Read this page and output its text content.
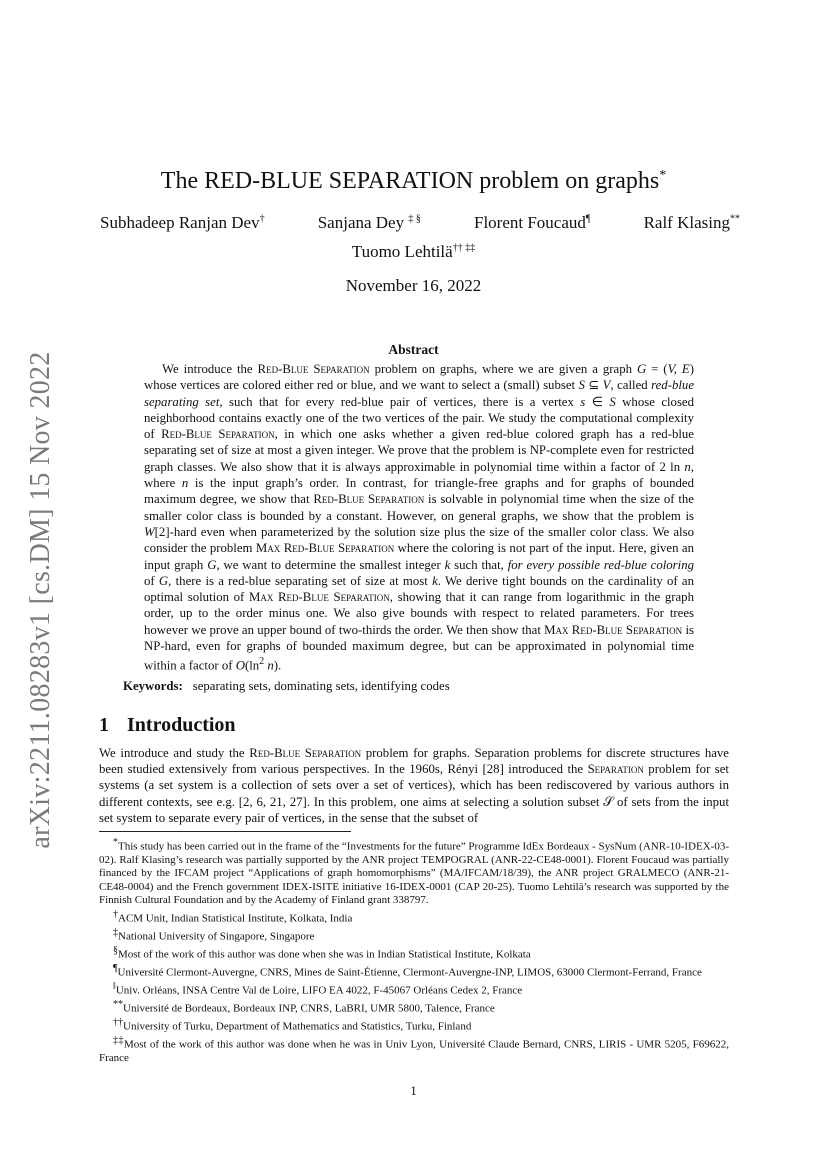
arXiv:2211.08283v1 [cs.DM] 15 Nov 2022
The RED-BLUE SEPARATION problem on graphs*
Subhadeep Ranjan Dev†	Sanjana Dey ‡ §	Florent Foucaud¶	Ralf Klasing**
Tuomo Lehtilä†† ‡‡
November 16, 2022
Abstract

We introduce the Red-Blue Separation problem on graphs, where we are given a graph G = (V, E) whose vertices are colored either red or blue, and we want to select a (small) subset S ⊆ V, called red-blue separating set, such that for every red-blue pair of vertices, there is a vertex s ∈ S whose closed neighborhood contains exactly one of the two vertices of the pair. We study the computational complexity of Red-Blue Separation, in which one asks whether a given red-blue colored graph has a red-blue separating set of size at most a given integer. We prove that the problem is NP-complete even for restricted graph classes. We also show that it is always approximable in polynomial time within a factor of 2 ln n, where n is the input graph’s order. In contrast, for triangle-free graphs and for graphs of bounded maximum degree, we show that Red-Blue Separation is solvable in polynomial time when the size of the smaller color class is bounded by a constant. However, on general graphs, we show that the problem is W[2]-hard even when parameterized by the solution size plus the size of the smaller color class. We also consider the problem Max Red-Blue Separation where the coloring is not part of the input. Here, given an input graph G, we want to determine the smallest integer k such that, for every possible red-blue coloring of G, there is a red-blue separating set of size at most k. We derive tight bounds on the cardinality of an optimal solution of Max Red-Blue Separation, showing that it can range from logarithmic in the graph order, up to the order minus one. We also give bounds with respect to related parameters. For trees however we prove an upper bound of two-thirds the order. We then show that Max Red-Blue Separation is NP-hard, even for graphs of bounded maximum degree, but can be approximated in polynomial time within a factor of $O(\ln^2$ n).

Keywords: separating sets, dominating sets, identifying codes
1 Introduction

We introduce and study the Red-Blue Separation problem for graphs. Separation problems for discrete structures have been studied extensively from various perspectives. In the 1960s, Rényi [28] introduced the Separation problem for set systems (a set system is a collection of sets over a set of vertices), which has been rediscovered by various authors in different contexts, see e.g. [2, 6, 21, 27]. In this problem, one aims at selecting a solution subset 𝒮 of sets from the input set system to separate every pair of vertices, in the sense that the subset of

*This study has been carried out in the frame of the “Investments for the future” Programme IdEx Bordeaux - SysNum (ANR-10-IDEX-03-02). Ralf Klasing’s research was partially supported by the ANR project TEMPOGRAL (ANR-22-CE48-0001). Florent Foucaud was partially financed by the IFCAM project “Applications of graph homomorphisms” (MA/IFCAM/18/39), the ANR project GRALMECO (ANR-21-CE48-0004) and the French government IDEX-ISITE initiative 16-IDEX-0001 (CAP 20-25). Tuomo Lehtilä’s research was supported by the Finnish Cultural Foundation and by the Academy of Finland grant 338797.

†ACM Unit, Indian Statistical Institute, Kolkata, India

‡National University of Singapore, Singapore

§Most of the work of this author was done when she was in Indian Statistical Institute, Kolkata

¶Université Clermont-Auvergne, CNRS, Mines de Saint-Étienne, Clermont-Auvergne-INP, LIMOS, 63000 Clermont-Ferrand, France

‖Univ. Orléans, INSA Centre Val de Loire, LIFO EA 4022, F-45067 Orléans Cedex 2, France

**Université de Bordeaux, Bordeaux INP, CNRS, LaBRI, UMR 5800, Talence, France

††University of Turku, Department of Mathematics and Statistics, Turku, Finland

‡‡Most of the work of this author was done when he was in Univ Lyon, Université Claude Bernard, CNRS, LIRIS - UMR 5205, F69622, France

1
